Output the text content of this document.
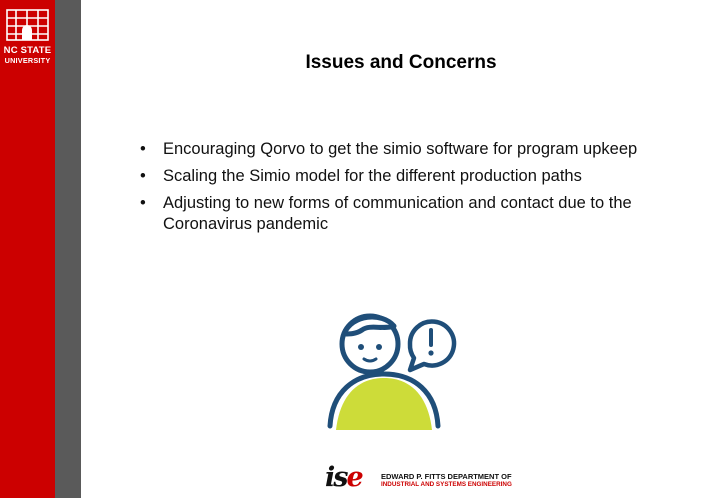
NC STATE
UNIVERSITY	Issues and Concerns
• Encouraging Qorvo to get the simio software for program upkeep
• Scaling the Simio model for the different production paths
• Adjusting to new forms of communication and contact due to the Coronavirus pandemic
ise	EDWARD P. FITTS DEPARTMENT OF
INDUSTRIAL AND SYSTEMS ENGINEERING
